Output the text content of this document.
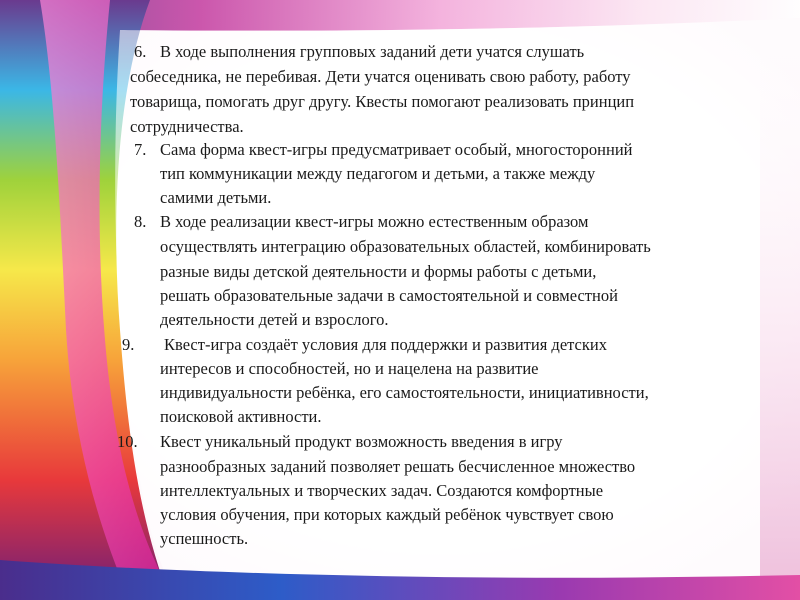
6. В ходе выполнения групповых заданий дети учатся слушать
собеседника, не перебивая. Дети учатся оценивать свою работу, работу
товарища, помогать друг другу. Квесты помогают реализовать принцип
сотрудничества.
7. Сама форма квест-игры предусматривает особый, многосторонний
тип коммуникации между педагогом и детьми, а также между
самими детьми.
8. В ходе реализации квест-игры можно естественным образом
осуществлять интеграцию образовательных областей, комбинировать
разные виды детской деятельности и формы работы с детьми,
решать образовательные задачи в самостоятельной и совместной
деятельности детей и взрослого.
9. Квест-игра создаёт условия для поддержки и развития детских
интересов и способностей, но и нацелена на развитие
индивидуальности ребёнка, его самостоятельности, инициативности,
поисковой активности.
10. Квест уникальный продукт возможность введения в игру
разнообразных заданий позволяет решать бесчисленное множество
интеллектуальных и творческих задач. Создаются комфортные
условия обучения, при которых каждый ребёнок чувствует свою
успешность.
